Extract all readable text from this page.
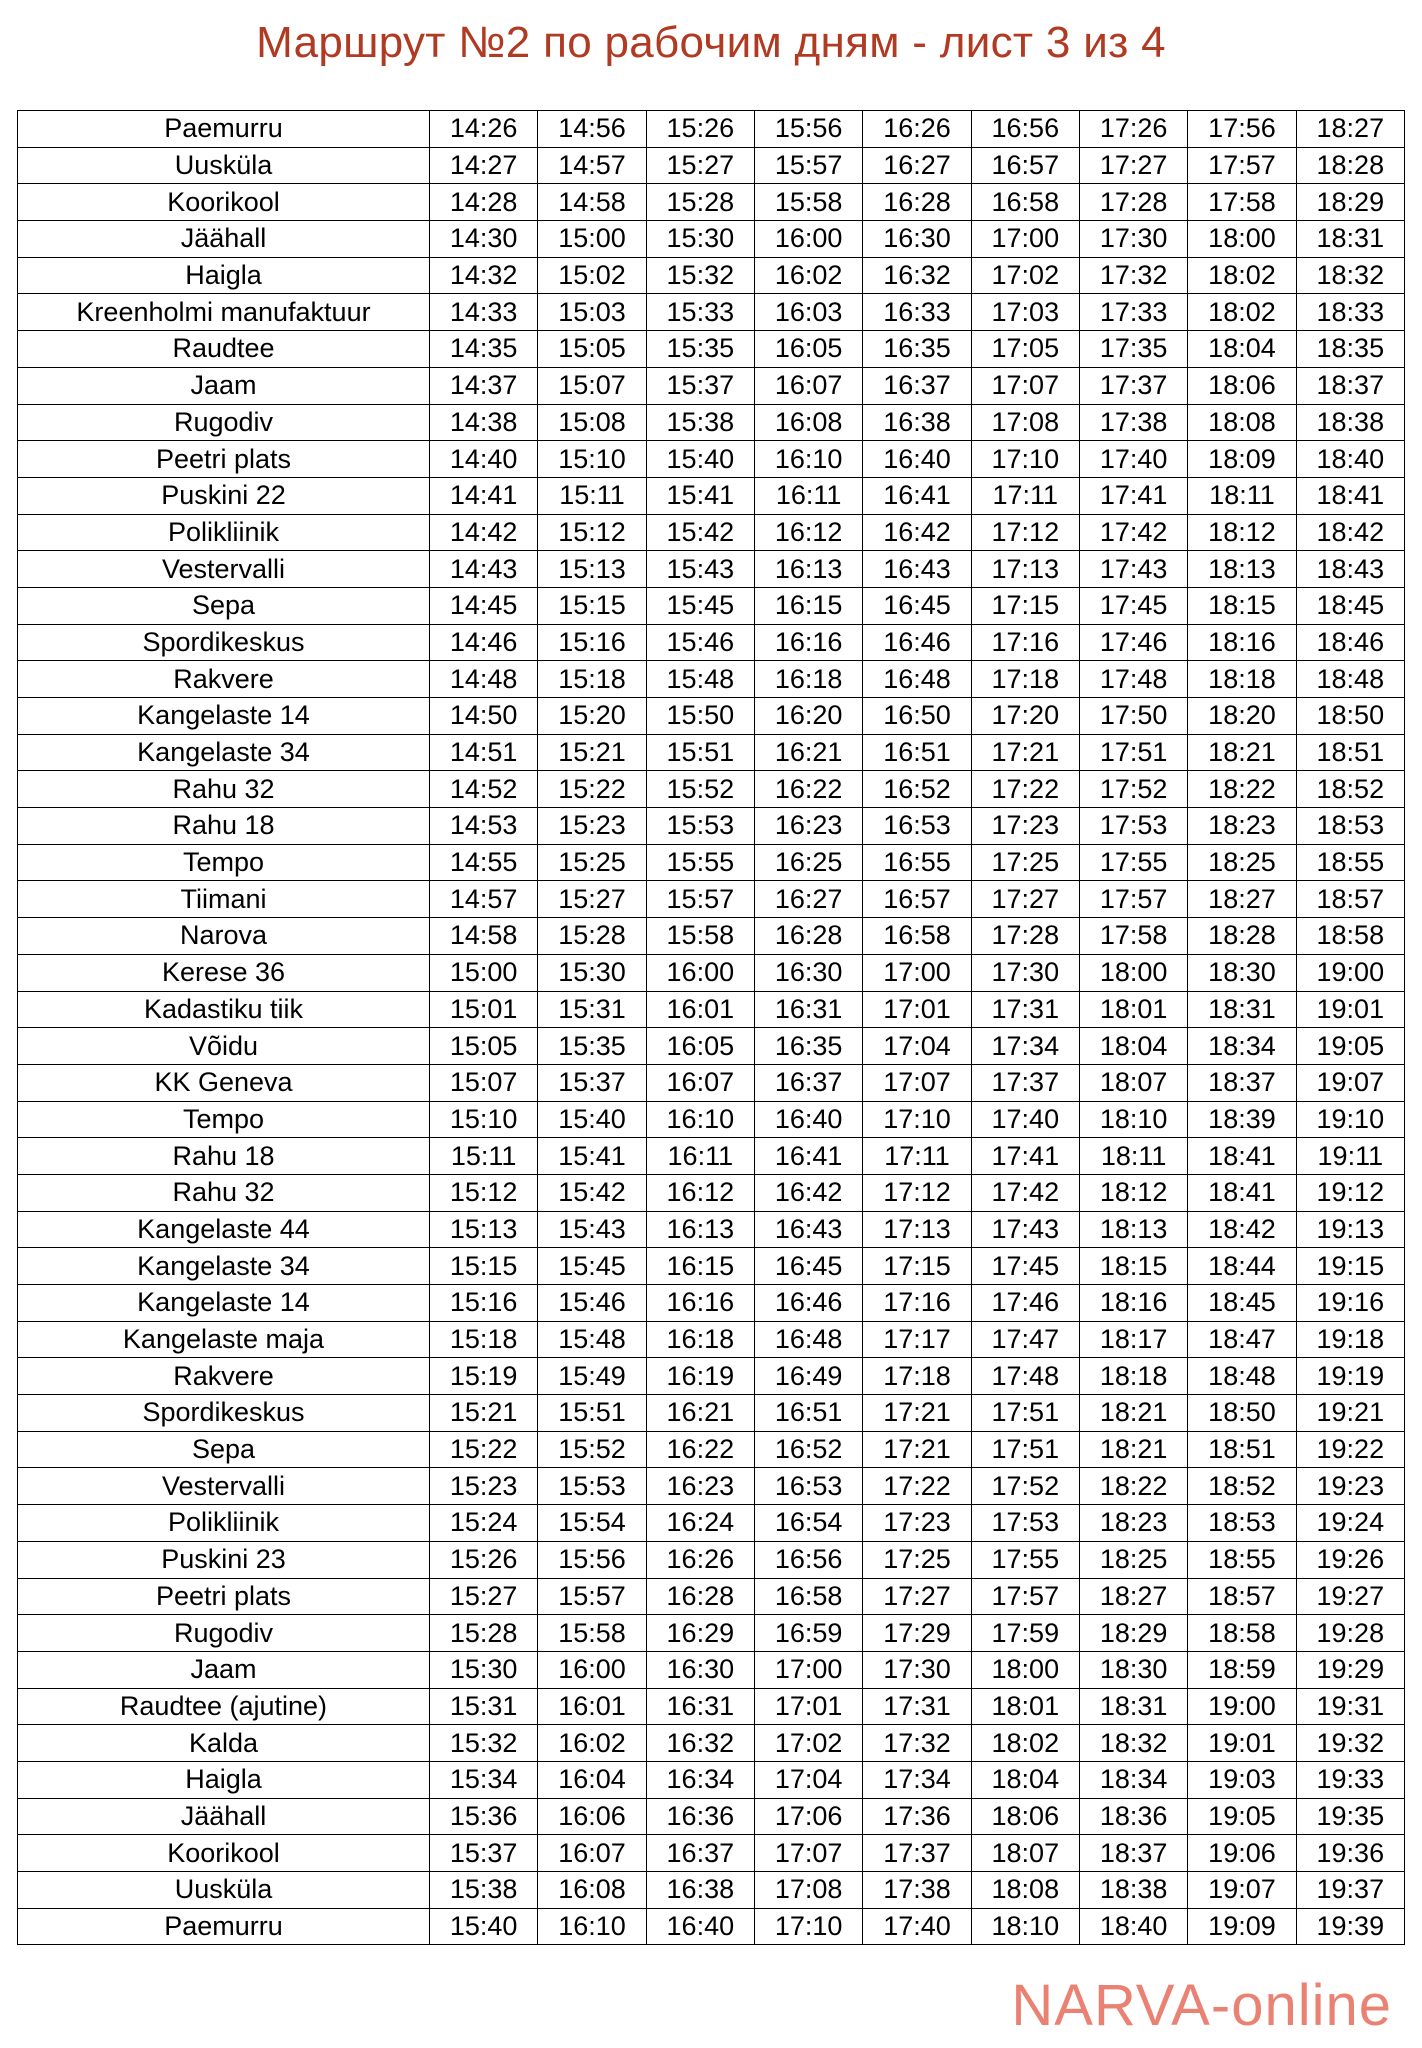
Маршрут №2 по рабочим дням - лист 3 из 4
Paemurru	14:26	14:56	15:26	15:56	16:26	16:56	17:26	17:56	18:27
Uusküla	14:27	14:57	15:27	15:57	16:27	16:57	17:27	17:57	18:28
Koorikool	14:28	14:58	15:28	15:58	16:28	16:58	17:28	17:58	18:29
Jäähall	14:30	15:00	15:30	16:00	16:30	17:00	17:30	18:00	18:31
Haigla	14:32	15:02	15:32	16:02	16:32	17:02	17:32	18:02	18:32
Kreenholmi manufaktuur	14:33	15:03	15:33	16:03	16:33	17:03	17:33	18:02	18:33
Raudtee	14:35	15:05	15:35	16:05	16:35	17:05	17:35	18:04	18:35
Jaam	14:37	15:07	15:37	16:07	16:37	17:07	17:37	18:06	18:37
Rugodiv	14:38	15:08	15:38	16:08	16:38	17:08	17:38	18:08	18:38
Peetri plats	14:40	15:10	15:40	16:10	16:40	17:10	17:40	18:09	18:40
Puskini 22	14:41	15:11	15:41	16:11	16:41	17:11	17:41	18:11	18:41
Polikliinik	14:42	15:12	15:42	16:12	16:42	17:12	17:42	18:12	18:42
Vestervalli	14:43	15:13	15:43	16:13	16:43	17:13	17:43	18:13	18:43
Sepa	14:45	15:15	15:45	16:15	16:45	17:15	17:45	18:15	18:45
Spordikeskus	14:46	15:16	15:46	16:16	16:46	17:16	17:46	18:16	18:46
Rakvere	14:48	15:18	15:48	16:18	16:48	17:18	17:48	18:18	18:48
Kangelaste 14	14:50	15:20	15:50	16:20	16:50	17:20	17:50	18:20	18:50
Kangelaste 34	14:51	15:21	15:51	16:21	16:51	17:21	17:51	18:21	18:51
Rahu 32	14:52	15:22	15:52	16:22	16:52	17:22	17:52	18:22	18:52
Rahu 18	14:53	15:23	15:53	16:23	16:53	17:23	17:53	18:23	18:53
Tempo	14:55	15:25	15:55	16:25	16:55	17:25	17:55	18:25	18:55
Tiimani	14:57	15:27	15:57	16:27	16:57	17:27	17:57	18:27	18:57
Narova	14:58	15:28	15:58	16:28	16:58	17:28	17:58	18:28	18:58
Kerese 36	15:00	15:30	16:00	16:30	17:00	17:30	18:00	18:30	19:00
Kadastiku tiik	15:01	15:31	16:01	16:31	17:01	17:31	18:01	18:31	19:01
Võidu	15:05	15:35	16:05	16:35	17:04	17:34	18:04	18:34	19:05
KK Geneva	15:07	15:37	16:07	16:37	17:07	17:37	18:07	18:37	19:07
Tempo	15:10	15:40	16:10	16:40	17:10	17:40	18:10	18:39	19:10
Rahu 18	15:11	15:41	16:11	16:41	17:11	17:41	18:11	18:41	19:11
Rahu 32	15:12	15:42	16:12	16:42	17:12	17:42	18:12	18:41	19:12
Kangelaste 44	15:13	15:43	16:13	16:43	17:13	17:43	18:13	18:42	19:13
Kangelaste 34	15:15	15:45	16:15	16:45	17:15	17:45	18:15	18:44	19:15
Kangelaste 14	15:16	15:46	16:16	16:46	17:16	17:46	18:16	18:45	19:16
Kangelaste maja	15:18	15:48	16:18	16:48	17:17	17:47	18:17	18:47	19:18
Rakvere	15:19	15:49	16:19	16:49	17:18	17:48	18:18	18:48	19:19
Spordikeskus	15:21	15:51	16:21	16:51	17:21	17:51	18:21	18:50	19:21
Sepa	15:22	15:52	16:22	16:52	17:21	17:51	18:21	18:51	19:22
Vestervalli	15:23	15:53	16:23	16:53	17:22	17:52	18:22	18:52	19:23
Polikliinik	15:24	15:54	16:24	16:54	17:23	17:53	18:23	18:53	19:24
Puskini 23	15:26	15:56	16:26	16:56	17:25	17:55	18:25	18:55	19:26
Peetri plats	15:27	15:57	16:28	16:58	17:27	17:57	18:27	18:57	19:27
Rugodiv	15:28	15:58	16:29	16:59	17:29	17:59	18:29	18:58	19:28
Jaam	15:30	16:00	16:30	17:00	17:30	18:00	18:30	18:59	19:29
Raudtee (ajutine)	15:31	16:01	16:31	17:01	17:31	18:01	18:31	19:00	19:31
Kalda	15:32	16:02	16:32	17:02	17:32	18:02	18:32	19:01	19:32
Haigla	15:34	16:04	16:34	17:04	17:34	18:04	18:34	19:03	19:33
Jäähall	15:36	16:06	16:36	17:06	17:36	18:06	18:36	19:05	19:35
Koorikool	15:37	16:07	16:37	17:07	17:37	18:07	18:37	19:06	19:36
Uusküla	15:38	16:08	16:38	17:08	17:38	18:08	18:38	19:07	19:37
Paemurru	15:40	16:10	16:40	17:10	17:40	18:10	18:40	19:09	19:39
NARVA-online
